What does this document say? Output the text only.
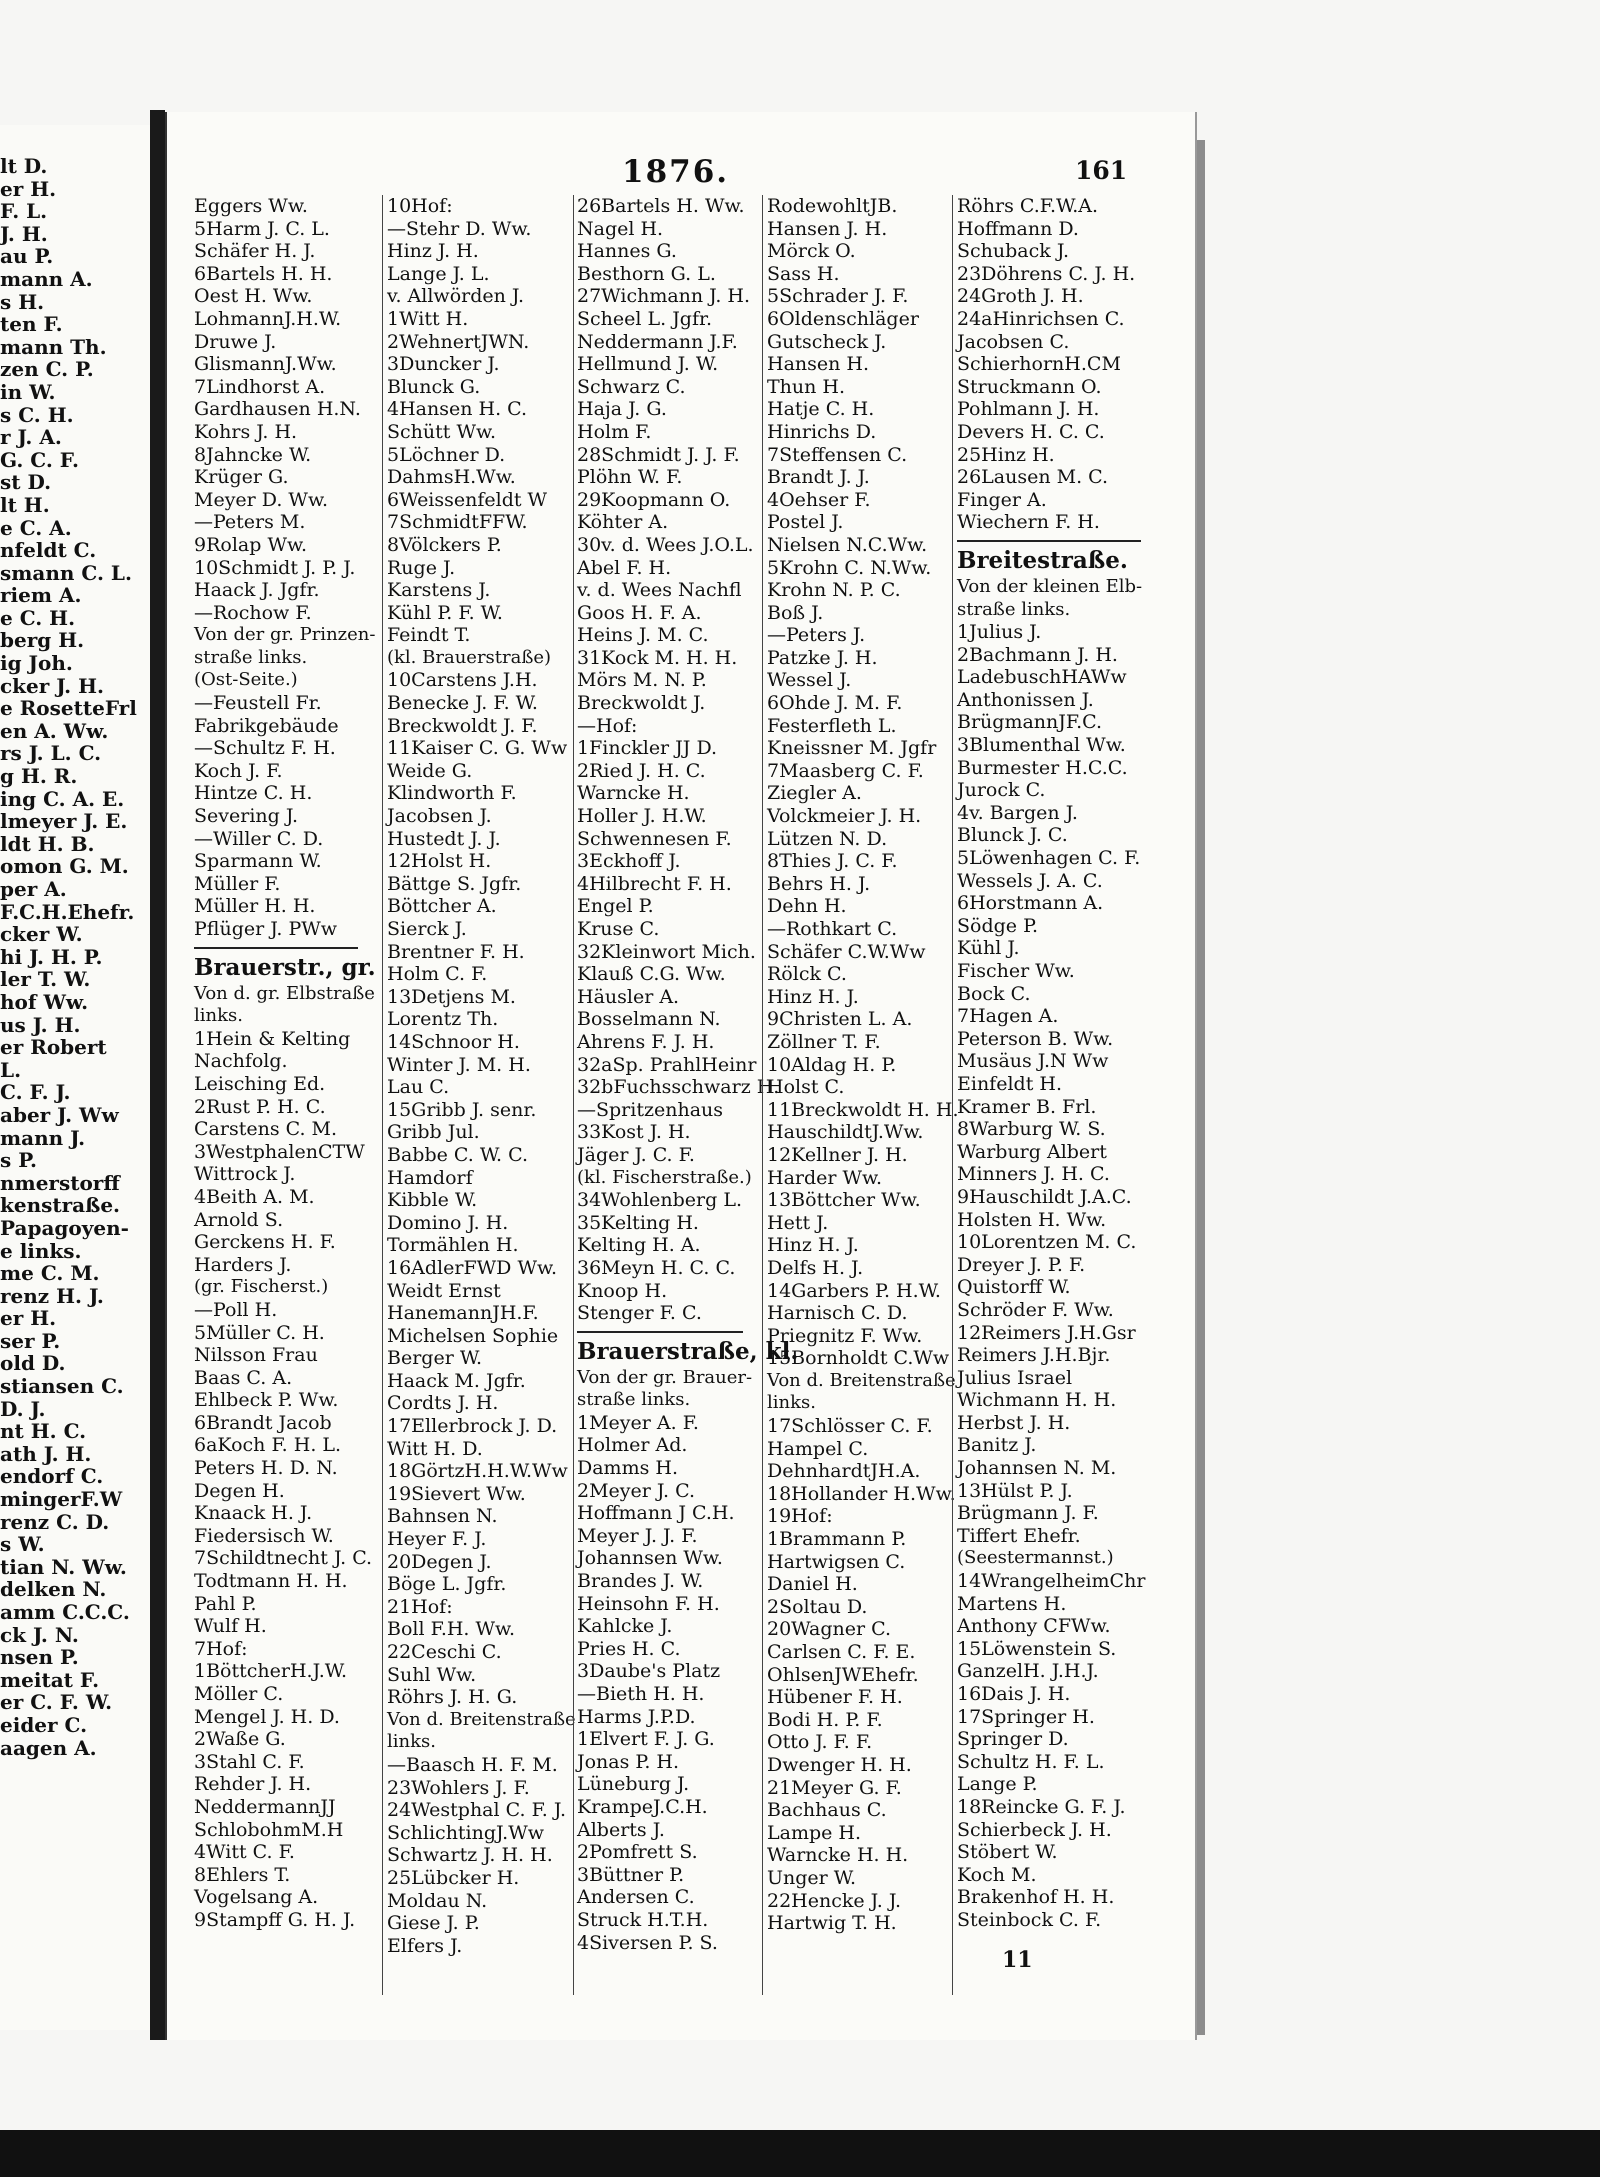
lt D.
er H.
F. L.
J. H.
au P.
mann A.
s H.
ten F.
mann Th.
zen C. P.
in W.
s C. H.
r J. A.
G. C. F.
st D.
lt H.
e C. A.
nfeldt C.
smann C. L.
riem A.
e C. H.
berg H.
ig Joh.
cker J. H.
e RosetteFrl
en A. Ww.
rs J. L. C.
g H. R.
ing C. A. E.
lmeyer J. E.
ldt H. B.
omon G. M.
per A.
F.C.H.Ehefr.
cker W.
hi J. H. P.
ler T. W.
hof Ww.
us J. H.
er Robert
L.
C. F. J.
aber J. Ww
mann J.
s P.
nmerstorff
kenstraße.
Papagoyen-
e links.
me C. M.
renz H. J.
er H.
ser P.
old D.
stiansen C.
D. J.
nt H. C.
ath J. H.
endorf C.
mingerF.W
renz C. D.
s W.
tian N. Ww.
delken N.
amm C.C.C.
ck J. N.
nsen P.
meitat F.
er C. F. W.
eider C.
aagen A.
1876.	161
Eggers Ww.
5Harm J. C. L.
Schäfer H. J.
6Bartels H. H.
Oest H. Ww.
LohmannJ.H.W.
Druwe J.
GlismannJ.Ww.
7Lindhorst A.
Gardhausen H.N.
Kohrs J. H.
8Jahncke W.
Krüger G.
Meyer D. Ww.
—Peters M.
9Rolap Ww.
10Schmidt J. P. J.
Haack J. Jgfr.
—Rochow F.
Von der gr. Prinzen-
straße links.
(Ost-Seite.)
—Feustell Fr.
Fabrikgebäude
—Schultz F. H.
Koch J. F.
Hintze C. H.
Severing J.
—Willer C. D.
Sparmann W.
Müller F.
Müller H. H.
Pflüger J. PWw
Brauerstr., gr.
Von d. gr. Elbstraße
links.
1Hein & Kelting
Nachfolg.
Leisching Ed.
2Rust P. H. C.
Carstens C. M.
3WestphalenCTW
Wittrock J.
4Beith A. M.
Arnold S.
Gerckens H. F.
Harders J.
(gr. Fischerst.)
—Poll H.
5Müller C. H.
Nilsson Frau
Baas C. A.
Ehlbeck P. Ww.
6Brandt Jacob
6aKoch F. H. L.
Peters H. D. N.
Degen H.
Knaack H. J.
Fiedersisch W.
7Schildtnecht J. C.
Todtmann H. H.
Pahl P.
Wulf H.
7Hof:
1BöttcherH.J.W.
Möller C.
Mengel J. H. D.
2Waße G.
3Stahl C. F.
Rehder J. H.
NeddermannJJ
SchlobohmM.H
4Witt C. F.
8Ehlers T.
Vogelsang A.
9Stampff G. H. J.
10Hof:
—Stehr D. Ww.
Hinz J. H.
Lange J. L.
v. Allwörden J.
1Witt H.
2WehnertJWN.
3Duncker J.
Blunck G.
4Hansen H. C.
Schütt Ww.
5Löchner D.
DahmsH.Ww.
6Weissenfeldt W
7SchmidtFFW.
8Völckers P.
Ruge J.
Karstens J.
Kühl P. F. W.
Feindt T.
(kl. Brauerstraße)
10Carstens J.H.
Benecke J. F. W.
Breckwoldt J. F.
11Kaiser C. G. Ww
Weide G.
Klindworth F.
Jacobsen J.
Hustedt J. J.
12Holst H.
Bättge S. Jgfr.
Böttcher A.
Sierck J.
Brentner F. H.
Holm C. F.
13Detjens M.
Lorentz Th.
14Schnoor H.
Winter J. M. H.
Lau C.
15Gribb J. senr.
Gribb Jul.
Babbe C. W. C.
Hamdorf
Kibble W.
Domino J. H.
Tormählen H.
16AdlerFWD Ww.
Weidt Ernst
HanemannJH.F.
Michelsen Sophie
Berger W.
Haack M. Jgfr.
Cordts J. H.
17Ellerbrock J. D.
Witt H. D.
18GörtzH.H.W.Ww
19Sievert Ww.
Bahnsen N.
Heyer F. J.
20Degen J.
Böge L. Jgfr.
21Hof:
Boll F.H. Ww.
22Ceschi C.
Suhl Ww.
Röhrs J. H. G.
Von d. Breitenstraße
links.
—Baasch H. F. M.
23Wohlers J. F.
24Westphal C. F. J.
SchlichtingJ.Ww
Schwartz J. H. H.
25Lübcker H.
Moldau N.
Giese J. P.
Elfers J.
26Bartels H. Ww.
Nagel H.
Hannes G.
Besthorn G. L.
27Wichmann J. H.
Scheel L. Jgfr.
Neddermann J.F.
Hellmund J. W.
Schwarz C.
Haja J. G.
Holm F.
28Schmidt J. J. F.
Plöhn W. F.
29Koopmann O.
Köhter A.
30v. d. Wees J.O.L.
Abel F. H.
v. d. Wees Nachfl
Goos H. F. A.
Heins J. M. C.
31Kock M. H. H.
Mörs M. N. P.
Breckwoldt J.
—Hof:
1Finckler JJ D.
2Ried J. H. C.
Warncke H.
Holler J. H.W.
Schwennesen F.
3Eckhoff J.
4Hilbrecht F. H.
Engel P.
Kruse C.
32Kleinwort Mich.
Klauß C.G. Ww.
Häusler A.
Bosselmann N.
Ahrens F. J. H.
32aSp. PrahlHeinr
32bFuchsschwarz H.
—Spritzenhaus
33Kost J. H.
Jäger J. C. F.
(kl. Fischerstraße.)
34Wohlenberg L.
35Kelting H.
Kelting H. A.
36Meyn H. C. C.
Knoop H.
Stenger F. C.
Brauerstraße, kl.
Von der gr. Brauer-
straße links.
1Meyer A. F.
Holmer Ad.
Damms H.
2Meyer J. C.
Hoffmann J C.H.
Meyer J. J. F.
Johannsen Ww.
Brandes J. W.
Heinsohn F. H.
Kahlcke J.
Pries H. C.
3Daube's Platz
—Bieth H. H.
Harms J.P.D.
1Elvert F. J. G.
Jonas P. H.
Lüneburg J.
KrampeJ.C.H.
Alberts J.
2Pomfrett S.
3Büttner P.
Andersen C.
Struck H.T.H.
4Siversen P. S.
RodewohltJB.
Hansen J. H.
Mörck O.
Sass H.
5Schrader J. F.
6Oldenschläger
Gutscheck J.
Hansen H.
Thun H.
Hatje C. H.
Hinrichs D.
7Steffensen C.
Brandt J. J.
4Oehser F.
Postel J.
Nielsen N.C.Ww.
5Krohn C. N.Ww.
Krohn N. P. C.
Boß J.
—Peters J.
Patzke J. H.
Wessel J.
6Ohde J. M. F.
Festerfleth L.
Kneissner M. Jgfr
7Maasberg C. F.
Ziegler A.
Volckmeier J. H.
Lützen N. D.
8Thies J. C. F.
Behrs H. J.
Dehn H.
—Rothkart C.
Schäfer C.W.Ww
Rölck C.
Hinz H. J.
9Christen L. A.
Zöllner T. F.
10Aldag H. P.
Holst C.
11Breckwoldt H. H.
HauschildtJ.Ww.
12Kellner J. H.
Harder Ww.
13Böttcher Ww.
Hett J.
Hinz H. J.
Delfs H. J.
14Garbers P. H.W.
Harnisch C. D.
Priegnitz F. Ww.
15Bornholdt C.Ww
Von d. Breitenstraße
links.
17Schlösser C. F.
Hampel C.
DehnhardtJH.A.
18Hollander H.Ww.
19Hof:
1Brammann P.
Hartwigsen C.
Daniel H.
2Soltau D.
20Wagner C.
Carlsen C. F. E.
OhlsenJWEhefr.
Hübener F. H.
Bodi H. P. F.
Otto J. F. F.
Dwenger H. H.
21Meyer G. F.
Bachhaus C.
Lampe H.
Warncke H. H.
Unger W.
22Hencke J. J.
Hartwig T. H.
Röhrs C.F.W.A.
Hoffmann D.
Schuback J.
23Döhrens C. J. H.
24Groth J. H.
24aHinrichsen C.
Jacobsen C.
SchierhornH.CM
Struckmann O.
Pohlmann J. H.
Devers H. C. C.
25Hinz H.
26Lausen M. C.
Finger A.
Wiechern F. H.
Breitestraße.
Von der kleinen Elb-
straße links.
1Julius J.
2Bachmann J. H.
LadebuschHAWw
Anthonissen J.
BrügmannJF.C.
3Blumenthal Ww.
Burmester H.C.C.
Jurock C.
4v. Bargen J.
Blunck J. C.
5Löwenhagen C. F.
Wessels J. A. C.
6Horstmann A.
Södge P.
Kühl J.
Fischer Ww.
Bock C.
7Hagen A.
Peterson B. Ww.
Musäus J.N Ww
Einfeldt H.
Kramer B. Frl.
8Warburg W. S.
Warburg Albert
Minners J. H. C.
9Hauschildt J.A.C.
Holsten H. Ww.
10Lorentzen M. C.
Dreyer J. P. F.
Quistorff W.
Schröder F. Ww.
12Reimers J.H.Gsr
Reimers J.H.Bjr.
Julius Israel
Wichmann H. H.
Herbst J. H.
Banitz J.
Johannsen N. M.
13Hülst P. J.
Brügmann J. F.
Tiffert Ehefr.
(Seestermannst.)
14WrangelheimChr
Martens H.
Anthony CFWw.
15Löwenstein S.
GanzelH. J.H.J.
16Dais J. H.
17Springer H.
Springer D.
Schultz H. F. L.
Lange P.
18Reincke G. F. J.
Schierbeck J. H.
Stöbert W.
Koch M.
Brakenhof H. H.
Steinbock C. F.
11
